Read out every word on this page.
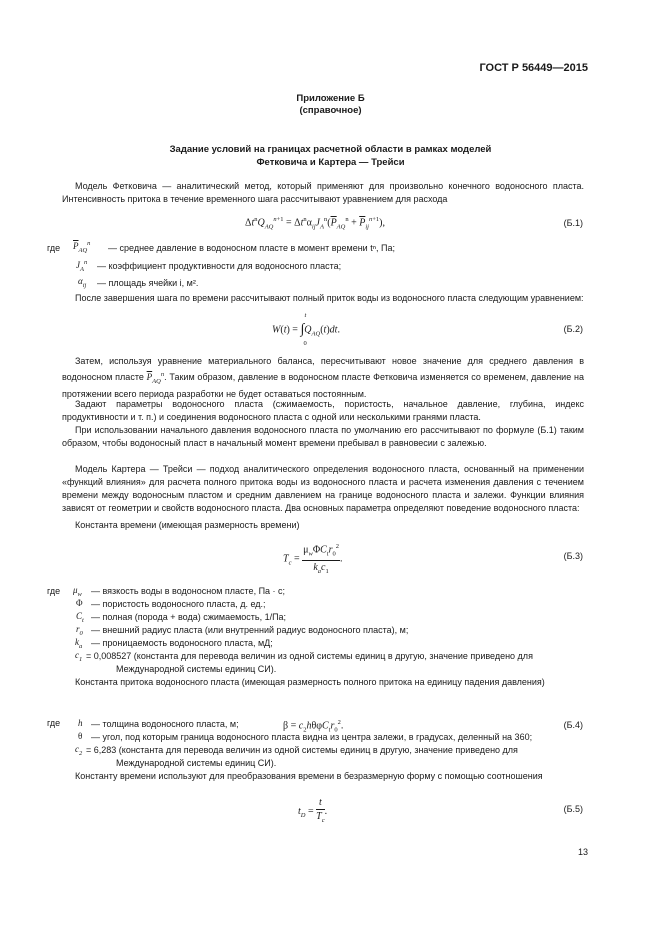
ГОСТ Р 56449—2015
Приложение Б
(справочное)
Задание условий на границах расчетной области в рамках моделей
Фетковича и Картера — Трейси
Модель Фетковича — аналитический метод, который применяют для произвольно конечного водоносного пласта. Интенсивность притока в течение временного шага рассчитывают уравнением для расхода
$\Delta t^nQ_{AQ}^{n+1} = \Delta t^n\alpha_{ij}J_A^n(\overline{P}_{AQ}^n + \overline{P}_{ij}^{n+1})$,	(Б.1)
где $\overline{P}_{AQ}^n$ — среднее давление в водоносном пласте в момент времени tⁿ, Па;
$J_A^n$ — коэффициент продуктивности для водоносного пласта;
$\alpha_{ij}$ — площадь ячейки i, м².
После завершения шага по времени рассчитывают полный приток воды из водоносного пласта следующим уравнением:
W(t) = ∫
t
0
$Q_{AQ}(t)dt$.	(Б.2)
Затем, используя уравнение материального баланса, пересчитывают новое значение для среднего давления в водоносном пласте $\overline{P}_{AQ}^n$. Таким образом, давление в водоносном пласте Фетковича изменяется со временем, давление на протяжении всего периода разработки не будет оставаться постоянным.
Задают параметры водоносного пласта (сжимаемость, пористость, начальное давление, глубина, индекс продуктивности и т. п.) и соединения водоносного пласта с одной или несколькими гранями пласта.
При использовании начального давления водоносного пласта по умолчанию его рассчитывают по формуле (Б.1) таким образом, чтобы водоносный пласт в начальный момент времени пребывал в равновесии с залежью.
Модель Картера — Трейси — подход аналитического определения водоносного пласта, основанный на применении «функций влияния» для расчета полного притока воды из водоносного пласта и расчета изменения давления с течением времени между водоносным пластом и средним давлением на границе водоносного пласта и залежи. Функции влияния зависят от геометрии и свойств водоносного пласта. Два основных параметра определяют поведение водоносного пласта:
Константа времени (имеющая размерность времени)
$T_c$ =
$\mu_w\Phi C_tr_0^2$
$k_ac_1$
.	(Б.3)
где $\mu_w$ — вязкость воды в водоносном пласте, Па · с;
Φ — пористость водоносного пласта, д. ед.;
$C_t$ — полная (порода + вода) сжимаемость, 1/Па;
$r_0$ — внешний радиус пласта (или внутренний радиус водоносного пласта), м;
$k_a$ — проницаемость водоносного пласта, мД;
$c_1 = 0,008527$ (константа для перевода величин из одной системы единиц в другую, значение приведено для
Международной системы единиц СИ).
Константа притока водоносного пласта (имеющая размерность полного притока на единицу падения давления)
$\beta = c_2h\theta\varphi C_tr_0^2$.	(Б.4)
где h — толщина водоносного пласта, м;
θ — угол, под которым граница водоносного пласта видна из центра залежи, в градусах, деленный на 360;
$c_2 = 6,283$ (константа для перевода величин из одной системы единиц в другую, значение приведено для
Международной системы единиц СИ).
Константу времени используют для преобразования времени в безразмерную форму с помощью соотношения
$t_D = \frac{t}{T_c}$ .	(Б.5)
13
